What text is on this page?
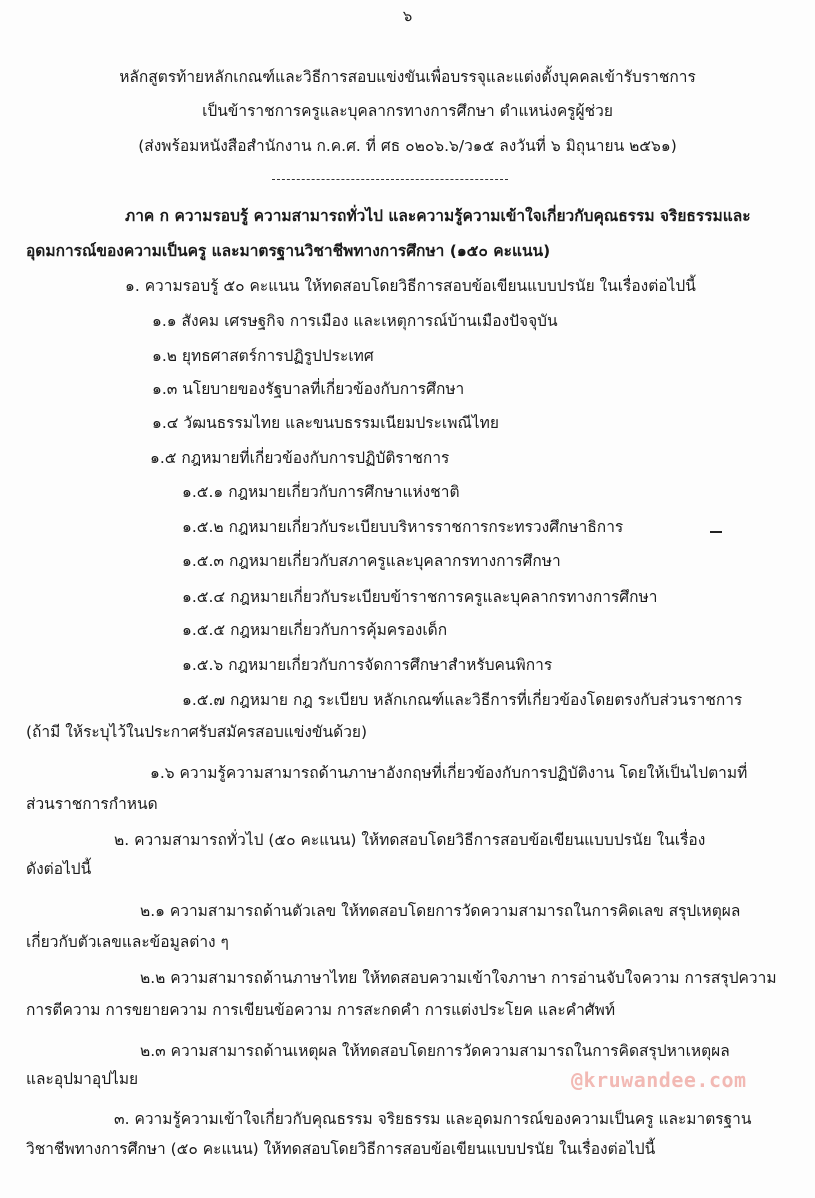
๖
หลักสูตรท้ายหลักเกณฑ์และวิธีการสอบแข่งขันเพื่อบรรจุและแต่งตั้งบุคคลเข้ารับราชการ
เป็นข้าราชการครูและบุคลากรทางการศึกษา ตำแหน่งครูผู้ช่วย
(ส่งพร้อมหนังสือสำนักงาน ก.ค.ศ. ที่ ศธ ๐๒๐๖.๖/ว๑๕ ลงวันที่ ๖ มิถุนายน ๒๕๖๑)
ภาค ก ความรอบรู้ ความสามารถทั่วไป และความรู้ความเข้าใจเกี่ยวกับคุณธรรม จริยธรรมและ
อุดมการณ์ของความเป็นครู และมาตรฐานวิชาชีพทางการศึกษา (๑๕๐ คะแนน)
๑. ความรอบรู้ ๕๐ คะแนน ให้ทดสอบโดยวิธีการสอบข้อเขียนแบบปรนัย ในเรื่องต่อไปนี้
๑.๑ สังคม เศรษฐกิจ การเมือง และเหตุการณ์บ้านเมืองปัจจุบัน
๑.๒ ยุทธศาสตร์การปฏิรูปประเทศ
๑.๓ นโยบายของรัฐบาลที่เกี่ยวข้องกับการศึกษา
๑.๔ วัฒนธรรมไทย และขนบธรรมเนียมประเพณีไทย
๑.๕ กฎหมายที่เกี่ยวข้องกับการปฏิบัติราชการ
๑.๕.๑ กฎหมายเกี่ยวกับการศึกษาแห่งชาติ
๑.๕.๒ กฎหมายเกี่ยวกับระเบียบบริหารราชการกระทรวงศึกษาธิการ
๑.๕.๓ กฎหมายเกี่ยวกับสภาครูและบุคลากรทางการศึกษา
๑.๕.๔ กฎหมายเกี่ยวกับระเบียบข้าราชการครูและบุคลากรทางการศึกษา
๑.๕.๕ กฎหมายเกี่ยวกับการคุ้มครองเด็ก
๑.๕.๖ กฎหมายเกี่ยวกับการจัดการศึกษาสำหรับคนพิการ
๑.๕.๗ กฎหมาย กฎ ระเบียบ หลักเกณฑ์และวิธีการที่เกี่ยวข้องโดยตรงกับส่วนราชการ
(ถ้ามี ให้ระบุไว้ในประกาศรับสมัครสอบแข่งขันด้วย)
๑.๖ ความรู้ความสามารถด้านภาษาอังกฤษที่เกี่ยวข้องกับการปฏิบัติงาน โดยให้เป็นไปตามที่
ส่วนราชการกำหนด
๒. ความสามารถทั่วไป (๕๐ คะแนน) ให้ทดสอบโดยวิธีการสอบข้อเขียนแบบปรนัย ในเรื่อง
ดังต่อไปนี้
๒.๑ ความสามารถด้านตัวเลข ให้ทดสอบโดยการวัดความสามารถในการคิดเลข สรุปเหตุผล
เกี่ยวกับตัวเลขและข้อมูลต่าง ๆ
๒.๒ ความสามารถด้านภาษาไทย ให้ทดสอบความเข้าใจภาษา การอ่านจับใจความ การสรุปความ
การตีความ การขยายความ การเขียนข้อความ การสะกดคำ การแต่งประโยค และคำศัพท์
๒.๓ ความสามารถด้านเหตุผล ให้ทดสอบโดยการวัดความสามารถในการคิดสรุปหาเหตุผล
และอุปมาอุปไมย	@kruwandee.com
๓. ความรู้ความเข้าใจเกี่ยวกับคุณธรรม จริยธรรม และอุดมการณ์ของความเป็นครู และมาตรฐาน
วิชาชีพทางการศึกษา (๕๐ คะแนน) ให้ทดสอบโดยวิธีการสอบข้อเขียนแบบปรนัย ในเรื่องต่อไปนี้
